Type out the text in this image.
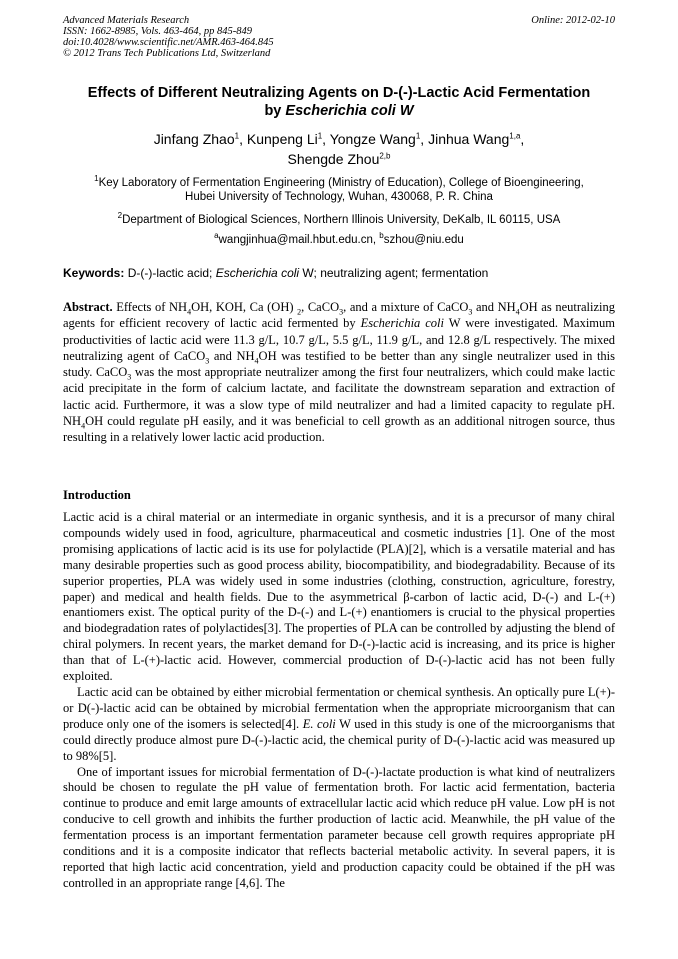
Advanced Materials Research
ISSN: 1662-8985, Vols. 463-464, pp 845-849
doi:10.4028/www.scientific.net/AMR.463-464.845
© 2012 Trans Tech Publications Ltd, Switzerland
Online: 2012-02-10
Effects of Different Neutralizing Agents on D-(-)-Lactic Acid Fermentation
by Escherichia coli W
Jinfang Zhao$^1$, Kunpeng Li$^1$, Yongze Wang$^1$, Jinhua Wang$^{1,a}$,
Shengde Zhou$^{2,b}$
$^1$Key Laboratory of Fermentation Engineering (Ministry of Education), College of Bioengineering,
Hubei University of Technology, Wuhan, 430068, P. R. China
$^2$Department of Biological Sciences, Northern Illinois University, DeKalb, IL 60115, USA
$^a$wangjinhua@mail.hbut.edu.cn, $^b$szhou@niu.edu
Keywords: D-(-)-lactic acid; Escherichia coli W; neutralizing agent; fermentation

Abstract. Effects of $NH_4OH$, KOH, Ca (OH) $_2$, CaCO$_3$, and a mixture of CaCO$_3$ and $NH_4OH$ as neutralizing agents for efficient recovery of lactic acid fermented by Escherichia coli W were investigated. Maximum productivities of lactic acid were 11.3 g/L, 10.7 g/L, 5.5 g/L, 11.9 g/L, and 12.8 g/L respectively. The mixed neutralizing agent of CaCO$_3$ and $NH_4OH$ was testified to be better than any single neutralizer used in this study. CaCO$_3$ was the most appropriate neutralizer among the first four neutralizers, which could make lactic acid precipitate in the form of calcium lactate, and facilitate the downstream separation and extraction of lactic acid. Furthermore, it was a slow type of mild neutralizer and had a limited capacity to regulate pH. $NH_4OH$ could regulate pH easily, and it was beneficial to cell growth as an additional nitrogen source, thus resulting in a relatively lower lactic acid production.

Introduction

Lactic acid is a chiral material or an intermediate in organic synthesis, and it is a precursor of many chiral compounds widely used in food, agriculture, pharmaceutical and cosmetic industries [1]. One of the most promising applications of lactic acid is its use for polylactide (PLA)[2], which is a versatile material and has many desirable properties such as good process ability, biocompatibility, and biodegradability. Because of its superior properties, PLA was widely used in some industries (clothing, construction, agriculture, forestry, paper) and medical and health fields. Due to the asymmetrical β-carbon of lactic acid, D-(-) and L-(+) enantiomers exist. The optical purity of the D-(-) and L-(+) enantiomers is crucial to the physical properties and biodegradation rates of polylactides[3]. The properties of PLA can be controlled by adjusting the blend of chiral polymers. In recent years, the market demand for D-(-)-lactic acid is increasing, and its price is higher than that of L-(+)-lactic acid. However, commercial production of D-(-)-lactic acid has not been fully exploited.

Lactic acid can be obtained by either microbial fermentation or chemical synthesis. An optically pure L(+)- or D(-)-lactic acid can be obtained by microbial fermentation when the appropriate microorganism that can produce only one of the isomers is selected[4]. E. coli W used in this study is one of the microorganisms that could directly produce almost pure D-(-)-lactic acid, the chemical purity of D-(-)-lactic acid was measured up to 98%[5].

One of important issues for microbial fermentation of D-(-)-lactate production is what kind of neutralizers should be chosen to regulate the pH value of fermentation broth. For lactic acid fermentation, bacteria continue to produce and emit large amounts of extracellular lactic acid which reduce pH value. Low pH is not conducive to cell growth and inhibits the further production of lactic acid. Meanwhile, the pH value of the fermentation process is an important fermentation parameter because cell growth requires appropriate pH conditions and it is a composite indicator that reflects bacterial metabolic activity. In several papers, it is reported that high lactic acid concentration, yield and production capacity could be obtained if the pH was controlled in an appropriate range [4,6]. The
